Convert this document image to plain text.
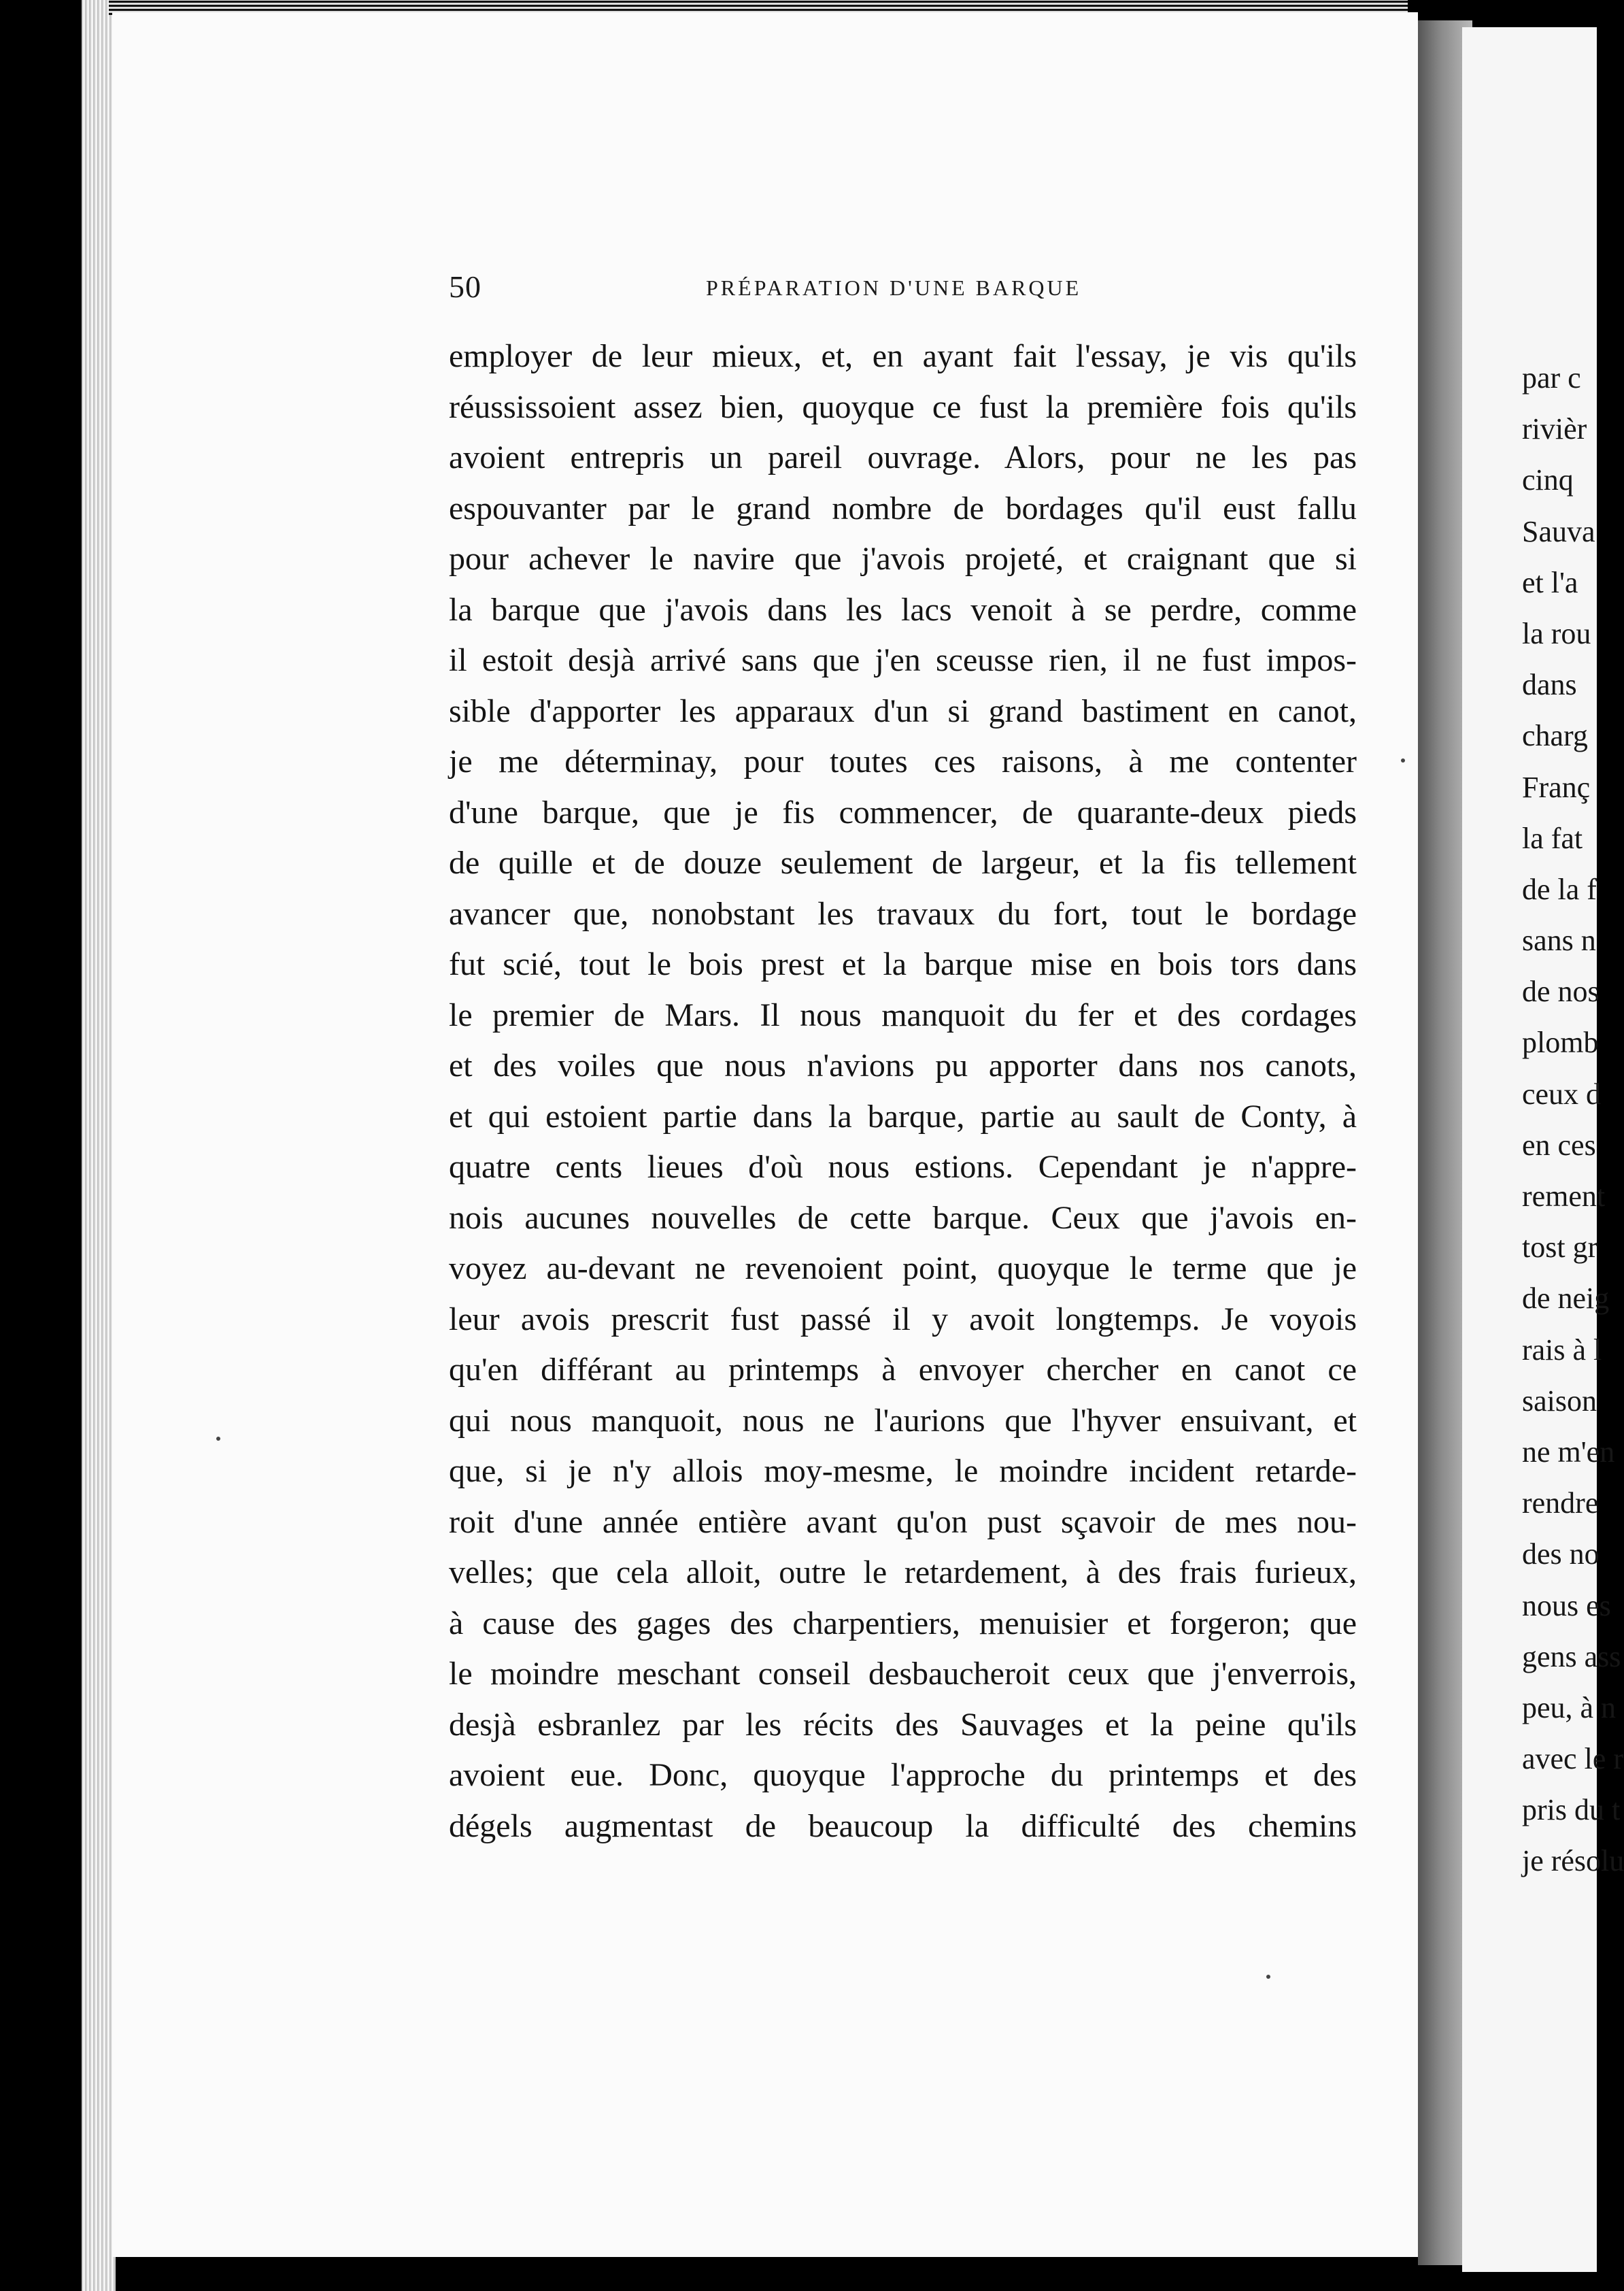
50	PRÉPARATION D'UNE BARQUE
employer de leur mieux, et, en ayant fait l'essay, je vis qu'ils
réussissoient assez bien, quoyque ce fust la première fois qu'ils
avoient entrepris un pareil ouvrage. Alors, pour ne les pas
espouvanter par le grand nombre de bordages qu'il eust fallu
pour achever le navire que j'avois projeté, et craignant que si
la barque que j'avois dans les lacs venoit à se perdre, comme
il estoit desjà arrivé sans que j'en sceusse rien, il ne fust impos-
sible d'apporter les apparaux d'un si grand bastiment en canot,
je me déterminay, pour toutes ces raisons, à me contenter
d'une barque, que je fis commencer, de quarante-deux pieds
de quille et de douze seulement de largeur, et la fis tellement
avancer que, nonobstant les travaux du fort, tout le bordage
fut scié, tout le bois prest et la barque mise en bois tors dans
le premier de Mars. Il nous manquoit du fer et des cordages
et des voiles que nous n'avions pu apporter dans nos canots,
et qui estoient partie dans la barque, partie au sault de Conty, à
quatre cents lieues d'où nous estions. Cependant je n'appre-
nois aucunes nouvelles de cette barque. Ceux que j'avois en-
voyez au-devant ne revenoient point, quoyque le terme que je
leur avois prescrit fust passé il y avoit longtemps. Je voyois
qu'en différant au printemps à envoyer chercher en canot ce
qui nous manquoit, nous ne l'aurions que l'hyver ensuivant, et
que, si je n'y allois moy-mesme, le moindre incident retarde-
roit d'une année entière avant qu'on pust sçavoir de mes nou-
velles; que cela alloit, outre le retardement, à des frais furieux,
à cause des gages des charpentiers, menuisier et forgeron; que
le moindre meschant conseil desbaucheroit ceux que j'enverrois,
desjà esbranlez par les récits des Sauvages et la peine qu'ils
avoient eue. Donc, quoyque l'approche du printemps et des
dégels augmentast de beaucoup la difficulté des chemins
par c
rivièr
cinq
Sauva
et l'a
la rou
dans
charg
Franç
la fat
de la f
sans n
de nos
plomb
ceux d
en ces
rement
tost gr
de neig
rais à l
saison
ne m'en
rendre
des no
nous es
gens ass
peu, à n
avec le r
pris du t
je résolu
